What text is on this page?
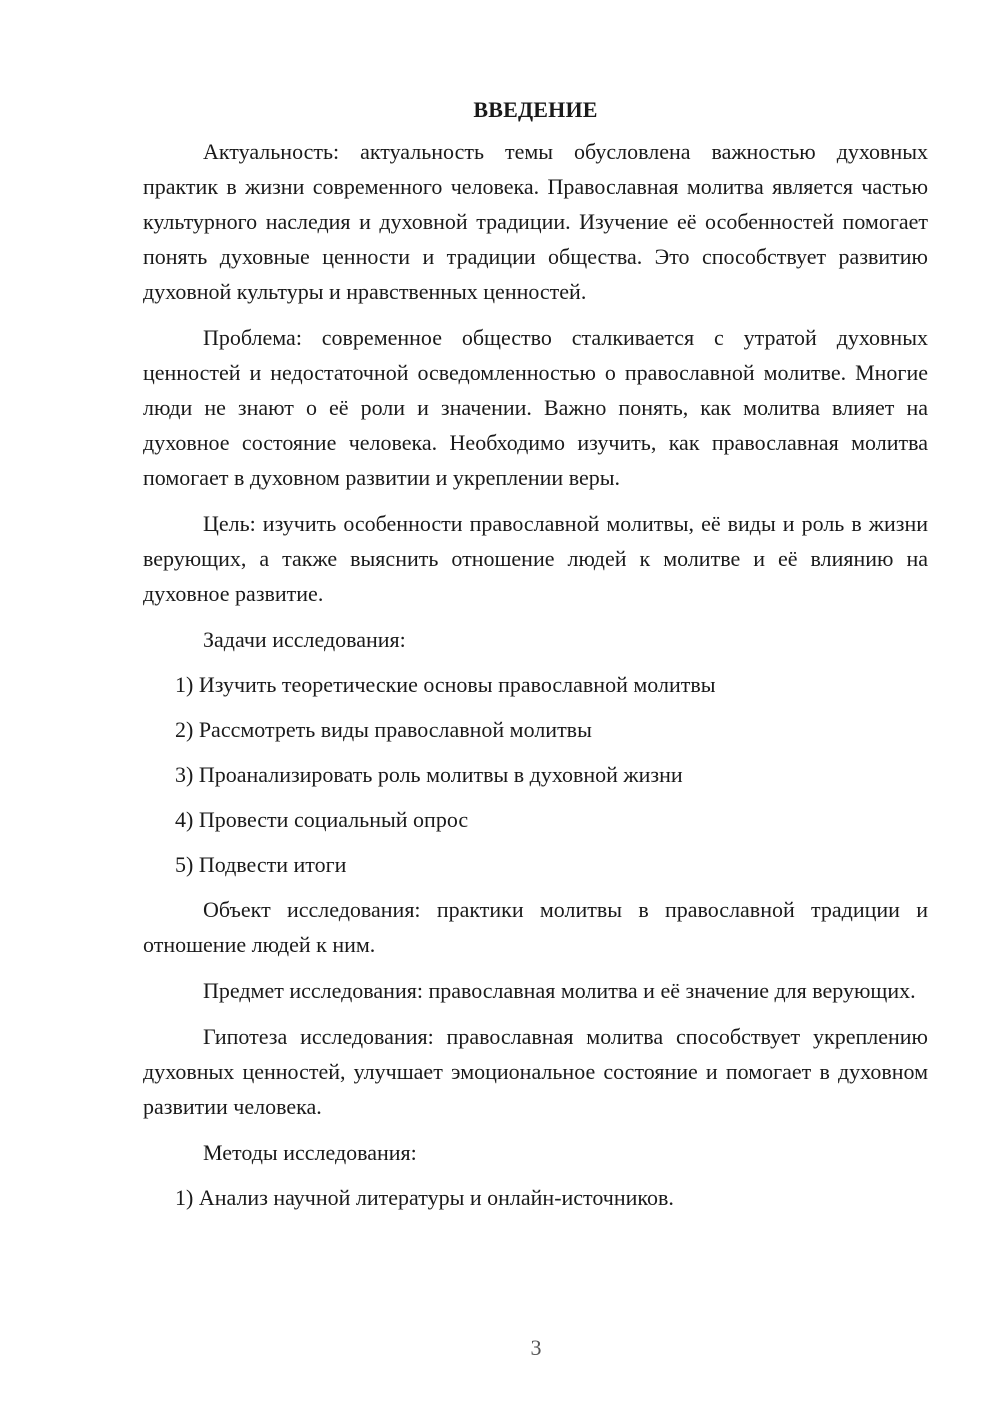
ВВЕДЕНИЕ

Актуальность: актуальность темы обусловлена важностью духовных практик в жизни современного человека. Православная молитва является частью культурного наследия и духовной традиции. Изучение её особенностей помогает понять духовные ценности и традиции общества. Это способствует развитию духовной культуры и нравственных ценностей.

Проблема: современное общество сталкивается с утратой духовных ценностей и недостаточной осведомленностью о православной молитве. Многие люди не знают о её роли и значении. Важно понять, как молитва влияет на духовное состояние человека. Необходимо изучить, как православная молитва помогает в духовном развитии и укреплении веры.

Цель: изучить особенности православной молитвы, её виды и роль в жизни верующих, а также выяснить отношение людей к молитве и её влиянию на духовное развитие.

Задачи исследования:

1) Изучить теоретические основы православной молитвы

2) Рассмотреть виды православной молитвы

3) Проанализировать роль молитвы в духовной жизни

4) Провести социальный опрос

5) Подвести итоги

Объект исследования: практики молитвы в православной традиции и отношение людей к ним.

Предмет исследования: православная молитва и её значение для верующих.

Гипотеза исследования: православная молитва способствует укреплению духовных ценностей, улучшает эмоциональное состояние и помогает в духовном развитии человека.

Методы исследования:

1) Анализ научной литературы и онлайн-источников.

3
